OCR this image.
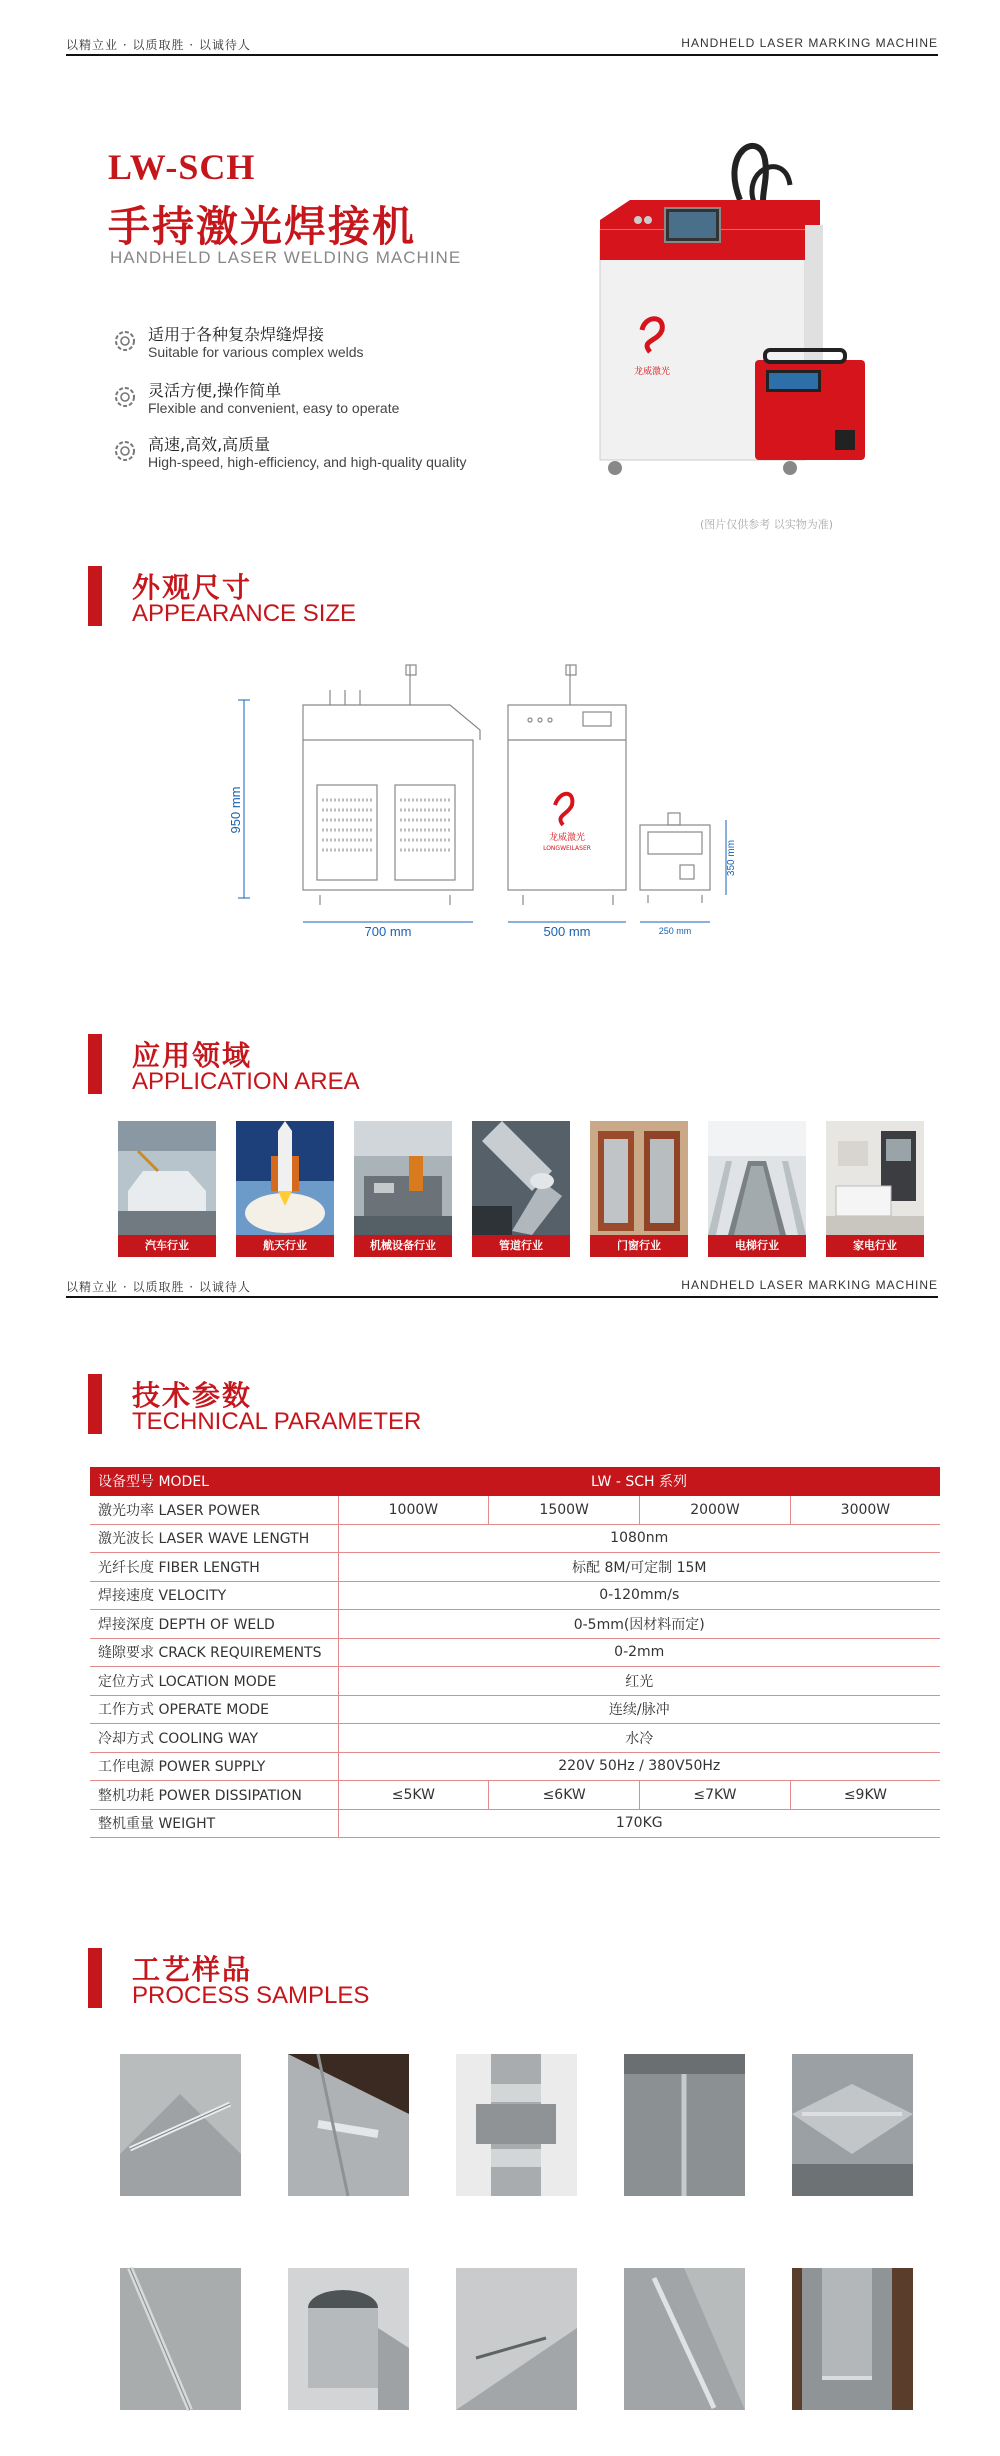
以精立业 · 以质取胜 · 以诚待人	HANDHELD LASER MARKING MACHINE
LW-SCH
手持激光焊接机
HANDHELD LASER WELDING MACHINE
适用于各种复杂焊缝焊接
Suitable for various complex welds
灵活方便,操作简单
Flexible and convenient, easy to operate
高速,高效,高质量
High-speed, high-efficiency, and high-quality quality
龙威激光
(图片仅供参考 以实物为准)
外观尺寸
APPEARANCE SIZE
950 mm
700 mm
龙威激光
LONGWEILASER
500 mm
350 mm
250 mm
应用领域
APPLICATION AREA
汽车行业	航天行业	机械设备行业	管道行业	门窗行业	电梯行业	家电行业
以精立业 · 以质取胜 · 以诚待人	HANDHELD LASER MARKING MACHINE
技术参数
TECHNICAL PARAMETER
设备型号 MODEL	LW - SCH 系列			
激光功率 LASER POWER	1000W	1500W	2000W	3000W
激光波长 LASER WAVE LENGTH	1080nm			
光纤长度 FIBER LENGTH	标配 8M/可定制 15M			
焊接速度 VELOCITY	0-120mm/s			
焊接深度 DEPTH OF WELD	0-5mm(因材料而定)			
缝隙要求 CRACK REQUIREMENTS	0-2mm			
定位方式 LOCATION MODE	红光			
工作方式 OPERATE MODE	连续/脉冲			
冷却方式 COOLING WAY	水冷			
工作电源 POWER SUPPLY	220V 50Hz / 380V50Hz			
整机功耗 POWER DISSIPATION	≤5KW	≤6KW	≤7KW	≤9KW
整机重量 WEIGHT	170KG			
工艺样品
PROCESS SAMPLES
